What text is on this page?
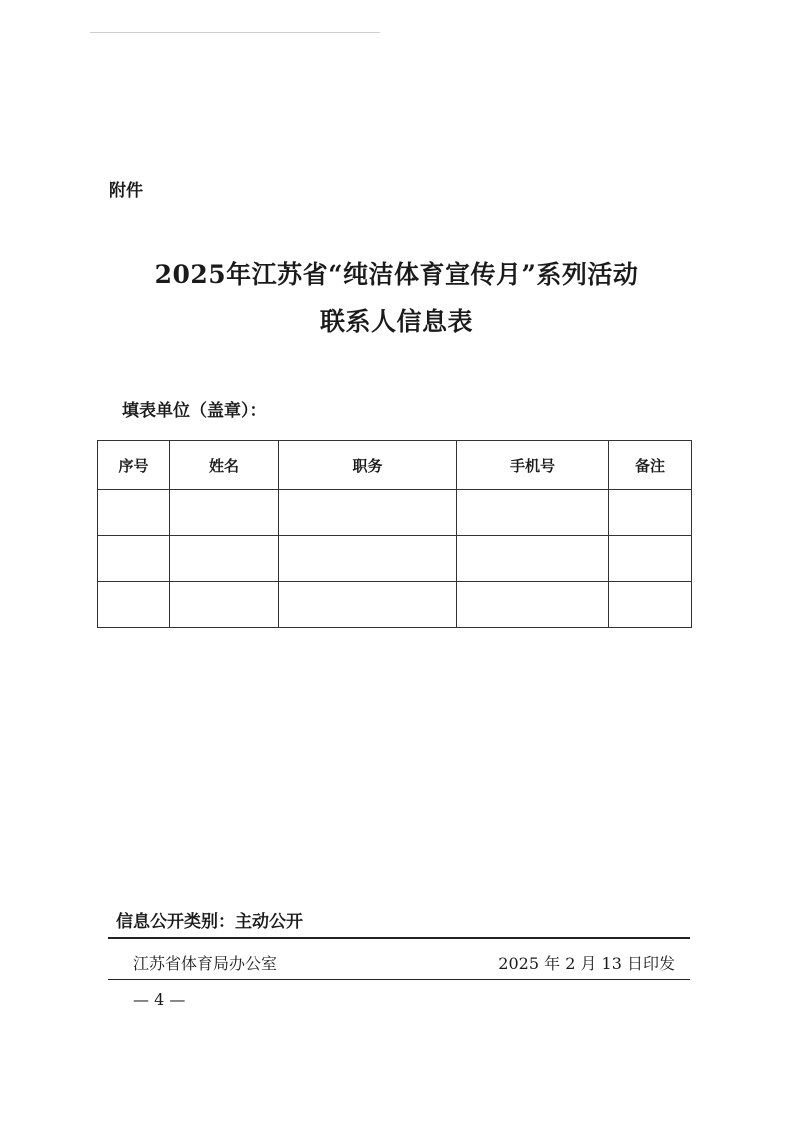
附件
2025年江苏省“纯洁体育宣传月”系列活动
联系人信息表
填表单位（盖章）：
序号	姓名	职务	手机号	备注

信息公开类别：主动公开
江苏省体育局办公室	2025 年 2 月 13 日印发
— 4 —
